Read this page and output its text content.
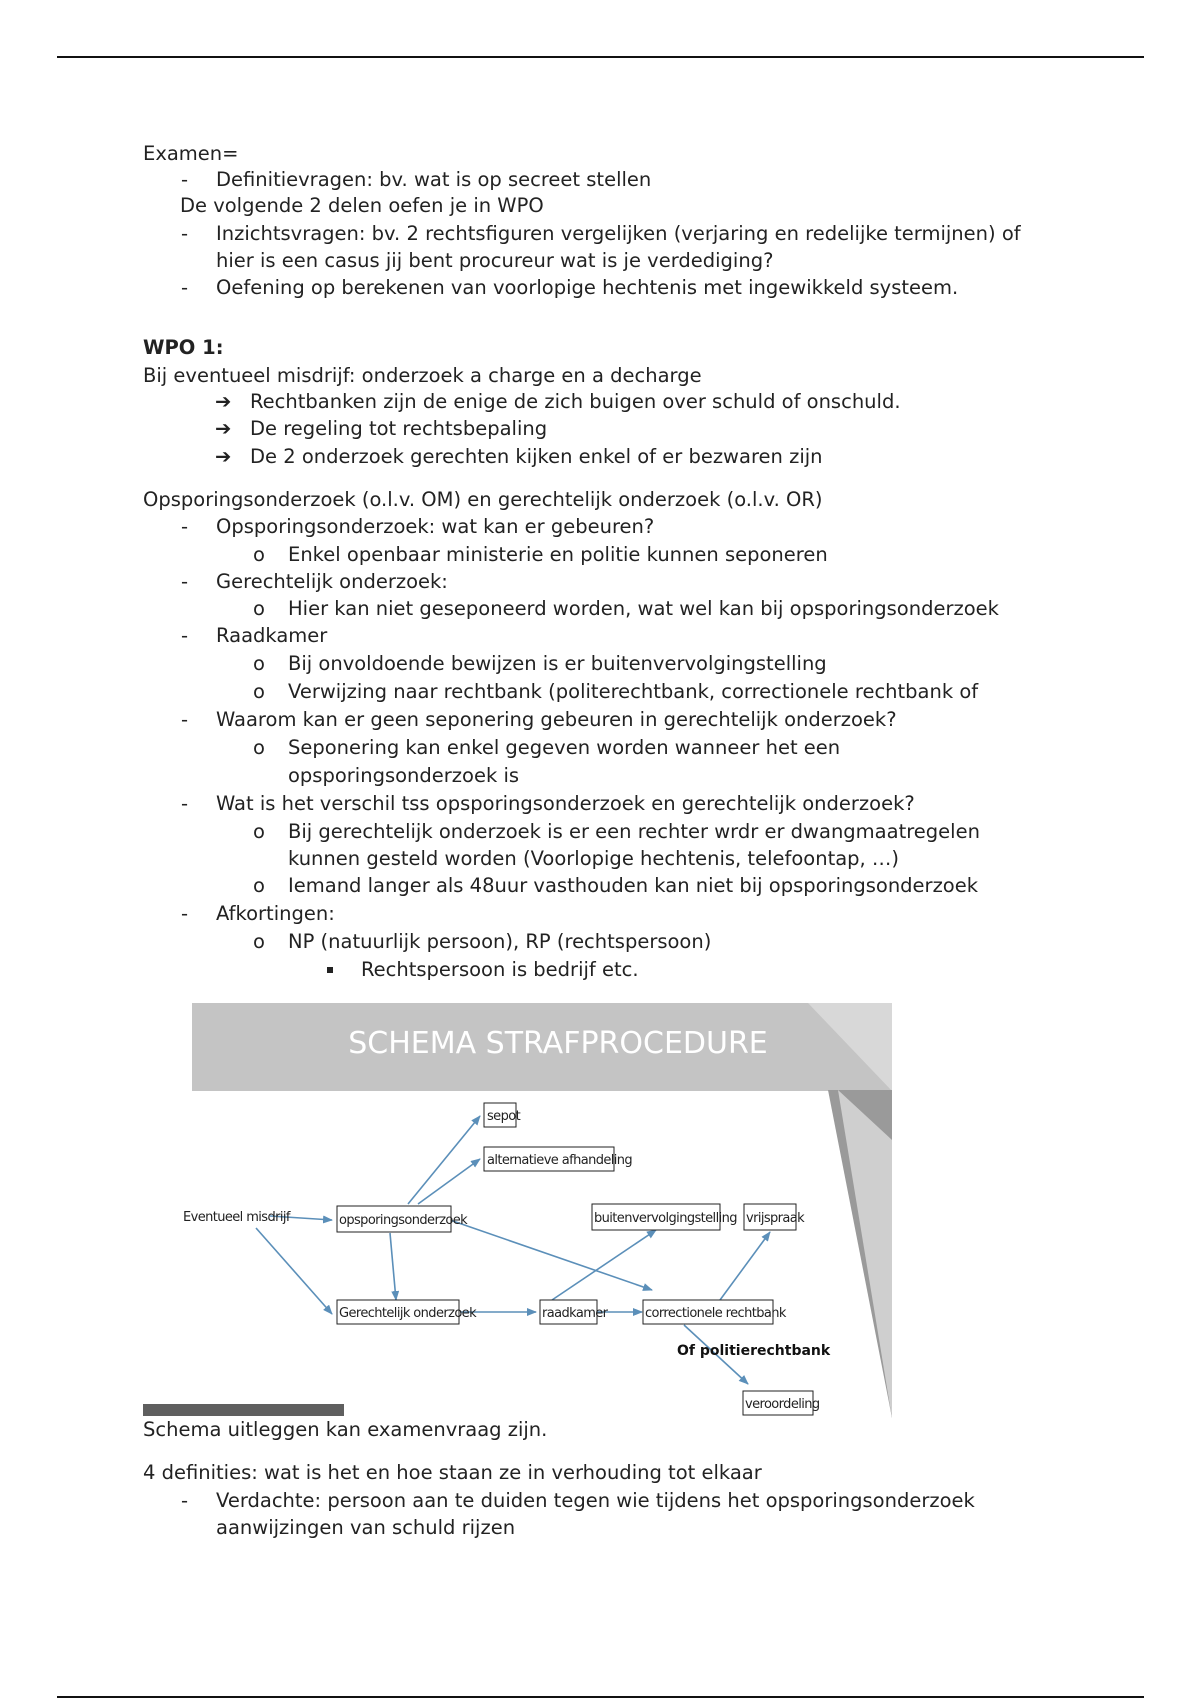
Examen=
- Definitievragen: bv. wat is op secreet stellen
De volgende 2 delen oefen je in WPO
- Inzichtsvragen: bv. 2 rechtsfiguren vergelijken (verjaring en redelijke termijnen) of
hier is een casus jij bent procureur wat is je verdediging?
- Oefening op berekenen van voorlopige hechtenis met ingewikkeld systeem.
WPO 1:
Bij eventueel misdrijf: onderzoek a charge en a decharge
➔ Rechtbanken zijn de enige de zich buigen over schuld of onschuld.
➔ De regeling tot rechtsbepaling
➔ De 2 onderzoek gerechten kijken enkel of er bezwaren zijn
Opsporingsonderzoek (o.l.v. OM) en gerechtelijk onderzoek (o.l.v. OR)
- Opsporingsonderzoek: wat kan er gebeuren?
o Enkel openbaar ministerie en politie kunnen seponeren
- Gerechtelijk onderzoek:
o Hier kan niet geseponeerd worden, wat wel kan bij opsporingsonderzoek
- Raadkamer
o Bij onvoldoende bewijzen is er buitenvervolgingstelling
o Verwijzing naar rechtbank (politerechtbank, correctionele rechtbank of
- Waarom kan er geen seponering gebeuren in gerechtelijk onderzoek?
o Seponering kan enkel gegeven worden wanneer het een
opsporingsonderzoek is
- Wat is het verschil tss opsporingsonderzoek en gerechtelijk onderzoek?
o Bij gerechtelijk onderzoek is er een rechter wrdr er dwangmaatregelen
kunnen gesteld worden (Voorlopige hechtenis, telefoontap, …)
o Iemand langer als 48uur vasthouden kan niet bij opsporingsonderzoek
- Afkortingen:
o NP (natuurlijk persoon), RP (rechtspersoon)
Rechtspersoon is bedrijf etc.
SCHEMA STRAFPROCEDURE
Eventueel misdrijf
sepot
alternatieve afhandeling
opsporingsonderzoek	buitenvervolgingstelling vrijspraak
Gerechtelijk onderzoek	raadkamer	correctionele rechtbank
veroordeling
Of politierechtbank
Schema uitleggen kan examenvraag zijn.
4 definities: wat is het en hoe staan ze in verhouding tot elkaar
- Verdachte: persoon aan te duiden tegen wie tijdens het opsporingsonderzoek
aanwijzingen van schuld rijzen
